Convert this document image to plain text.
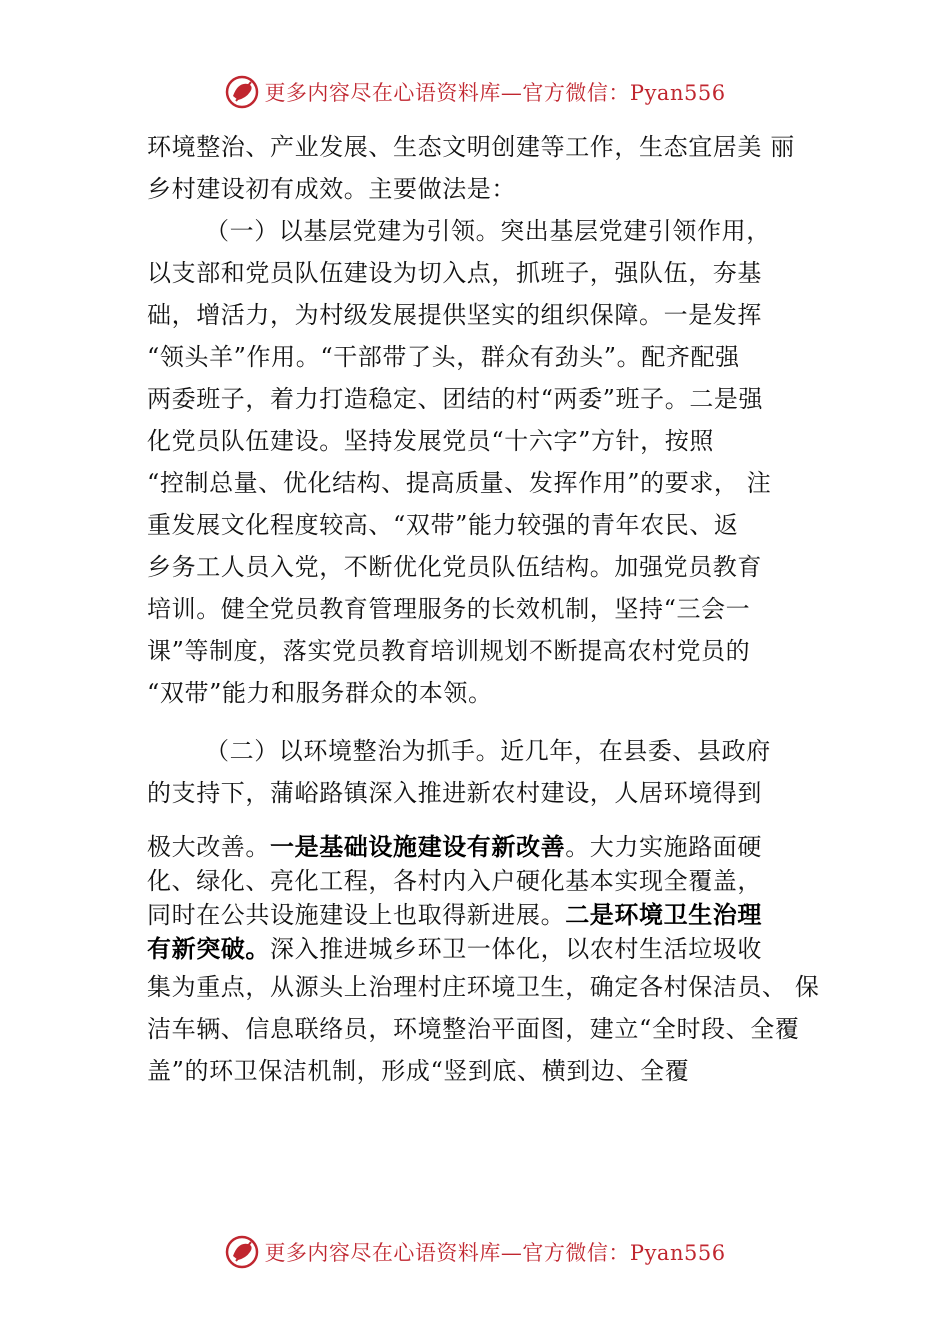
更多内容尽在心语资料库—官方微信：Pyan556
环境整治、产业发展、生态文明创建等工作，生态宜居美 丽
乡村建设初有成效。主要做法是：
（一）以基层党建为引领。突出基层党建引领作用，
以支部和党员队伍建设为切入点，抓班子，强队伍，夯基
础，增活力，为村级发展提供坚实的组织保障。一是发挥
“领头羊”作用。“干部带了头，群众有劲头”。配齐配强
两委班子，着力打造稳定、团结的村“两委”班子。二是强
化党员队伍建设。坚持发展党员“十六字”方针，按照
“控制总量、优化结构、提高质量、发挥作用”的要求， 注
重发展文化程度较高、“双带”能力较强的青年农民、返
乡务工人员入党，不断优化党员队伍结构。加强党员教育
培训。健全党员教育管理服务的长效机制，坚持“三会一
课”等制度，落实党员教育培训规划不断提高农村党员的
“双带”能力和服务群众的本领。
（二）以环境整治为抓手。近几年，在县委、县政府
的支持下，蒲峪路镇深入推进新农村建设，人居环境得到
极大改善。一是基础设施建设有新改善。大力实施路面硬
化、绿化、亮化工程，各村内入户硬化基本实现全覆盖，
同时在公共设施建设上也取得新进展。二是环境卫生治理
有新突破。深入推进城乡环卫一体化，以农村生活垃圾收
集为重点，从源头上治理村庄环境卫生，确定各村保洁员、 保
洁车辆、信息联络员，环境整治平面图，建立“全时段、全覆
盖”的环卫保洁机制，形成“竖到底、横到边、全覆
更多内容尽在心语资料库—官方微信：Pyan556
